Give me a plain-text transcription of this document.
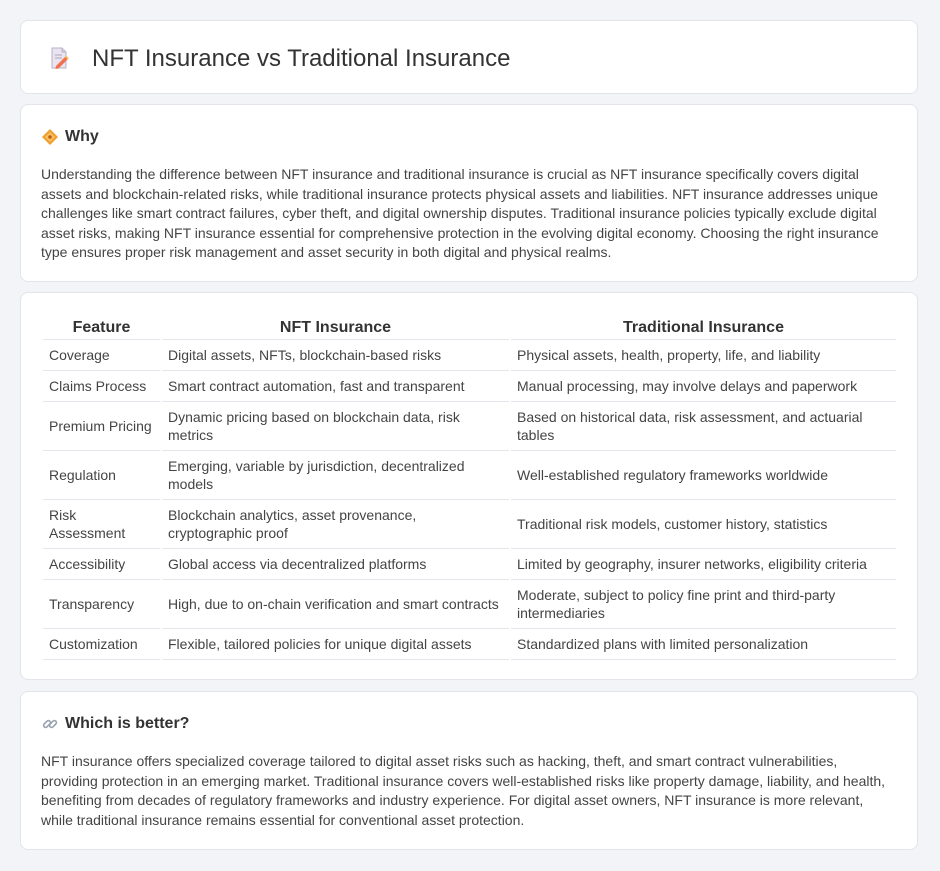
NFT Insurance vs Traditional Insurance
Why

Understanding the difference between NFT insurance and traditional insurance is crucial as NFT insurance specifically covers digital assets and blockchain-related risks, while traditional insurance protects physical assets and liabilities. NFT insurance addresses unique challenges like smart contract failures, cyber theft, and digital ownership disputes. Traditional insurance policies typically exclude digital asset risks, making NFT insurance essential for comprehensive protection in the evolving digital economy. Choosing the right insurance type ensures proper risk management and asset security in both digital and physical realms.

Feature	NFT Insurance	Traditional Insurance
Coverage	Digital assets, NFTs, blockchain-based risks	Physical assets, health, property, life, and liability
Claims Process	Smart contract automation, fast and transparent	Manual processing, may involve delays and paperwork
Premium Pricing	Dynamic pricing based on blockchain data, risk metrics	Based on historical data, risk assessment, and actuarial tables
Regulation	Emerging, variable by jurisdiction, decentralized models	Well-established regulatory frameworks worldwide
Risk Assessment	Blockchain analytics, asset provenance, cryptographic proof	Traditional risk models, customer history, statistics
Accessibility	Global access via decentralized platforms	Limited by geography, insurer networks, eligibility criteria
Transparency	High, due to on-chain verification and smart contracts	Moderate, subject to policy fine print and third-party intermediaries
Customization	Flexible, tailored policies for unique digital assets	Standardized plans with limited personalization
Which is better?

NFT insurance offers specialized coverage tailored to digital asset risks such as hacking, theft, and smart contract vulnerabilities, providing protection in an emerging market. Traditional insurance covers well-established risks like property damage, liability, and health, benefiting from decades of regulatory frameworks and industry experience. For digital asset owners, NFT insurance is more relevant, while traditional insurance remains essential for conventional asset protection.
